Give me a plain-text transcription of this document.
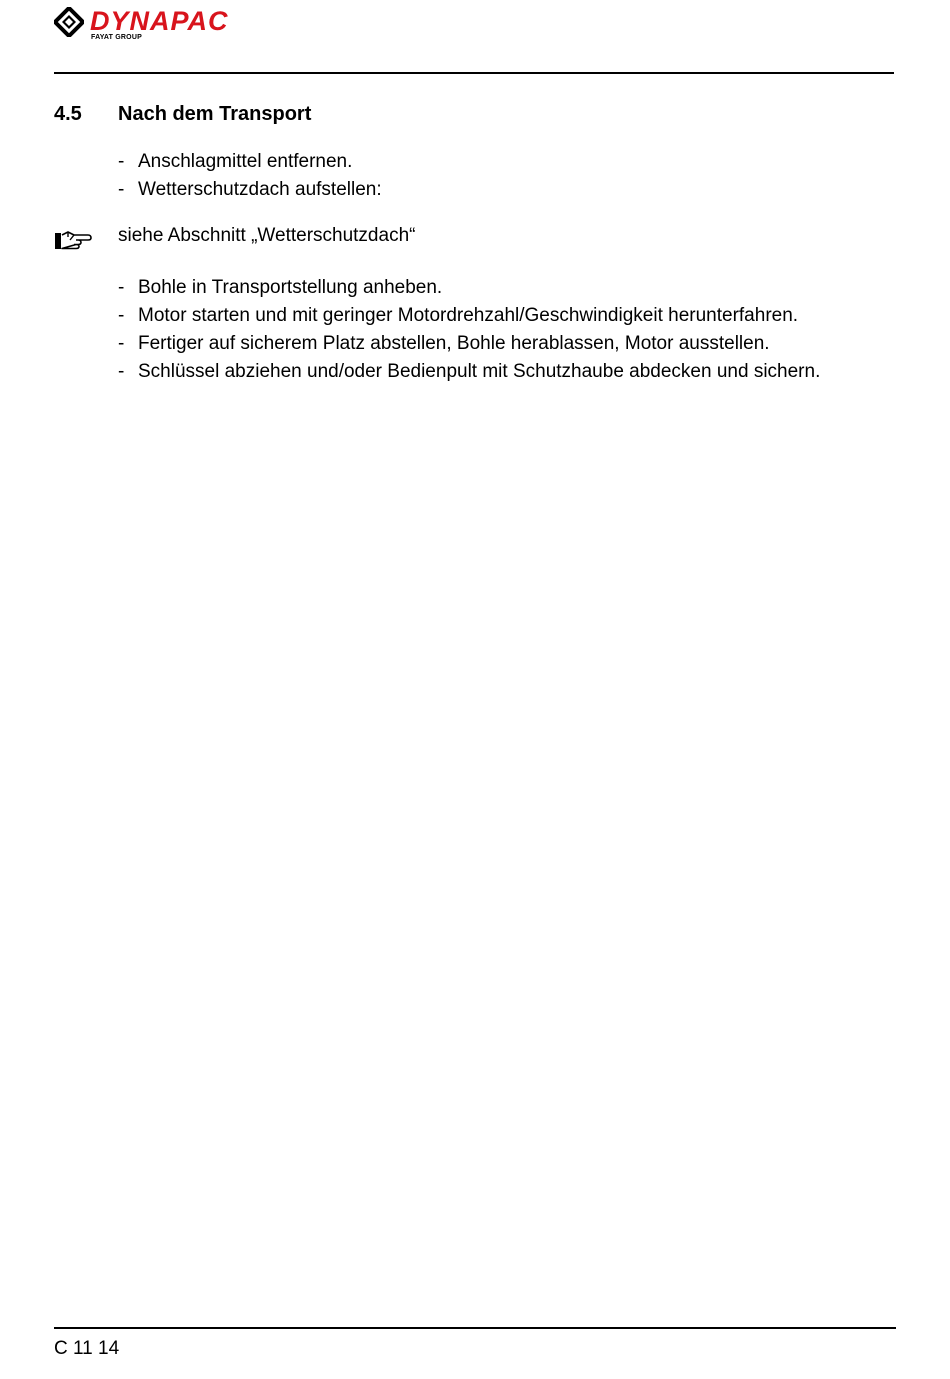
DYNAPAC
FAYAT GROUP
4.5 Nach dem Transport
- Anschlagmittel entfernen.
- Wetterschutzdach aufstellen:
siehe Abschnitt „Wetterschutzdach“
- Bohle in Transportstellung anheben.
- Motor starten und mit geringer Motordrehzahl/Geschwindigkeit herunterfahren.
- Fertiger auf sicherem Platz abstellen, Bohle herablassen, Motor ausstellen.
- Schlüssel abziehen und/oder Bedienpult mit Schutzhaube abdecken und sichern.
C 11 14
